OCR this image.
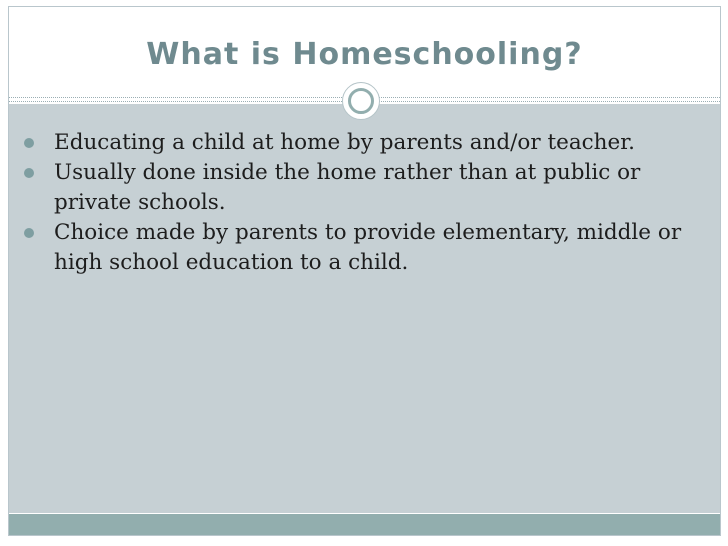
What is Homeschooling?
Educating a child at home by parents and/or teacher.
Usually done inside the home rather than at public or private schools.
Choice made by parents to provide elementary, middle or high school education to a child.
